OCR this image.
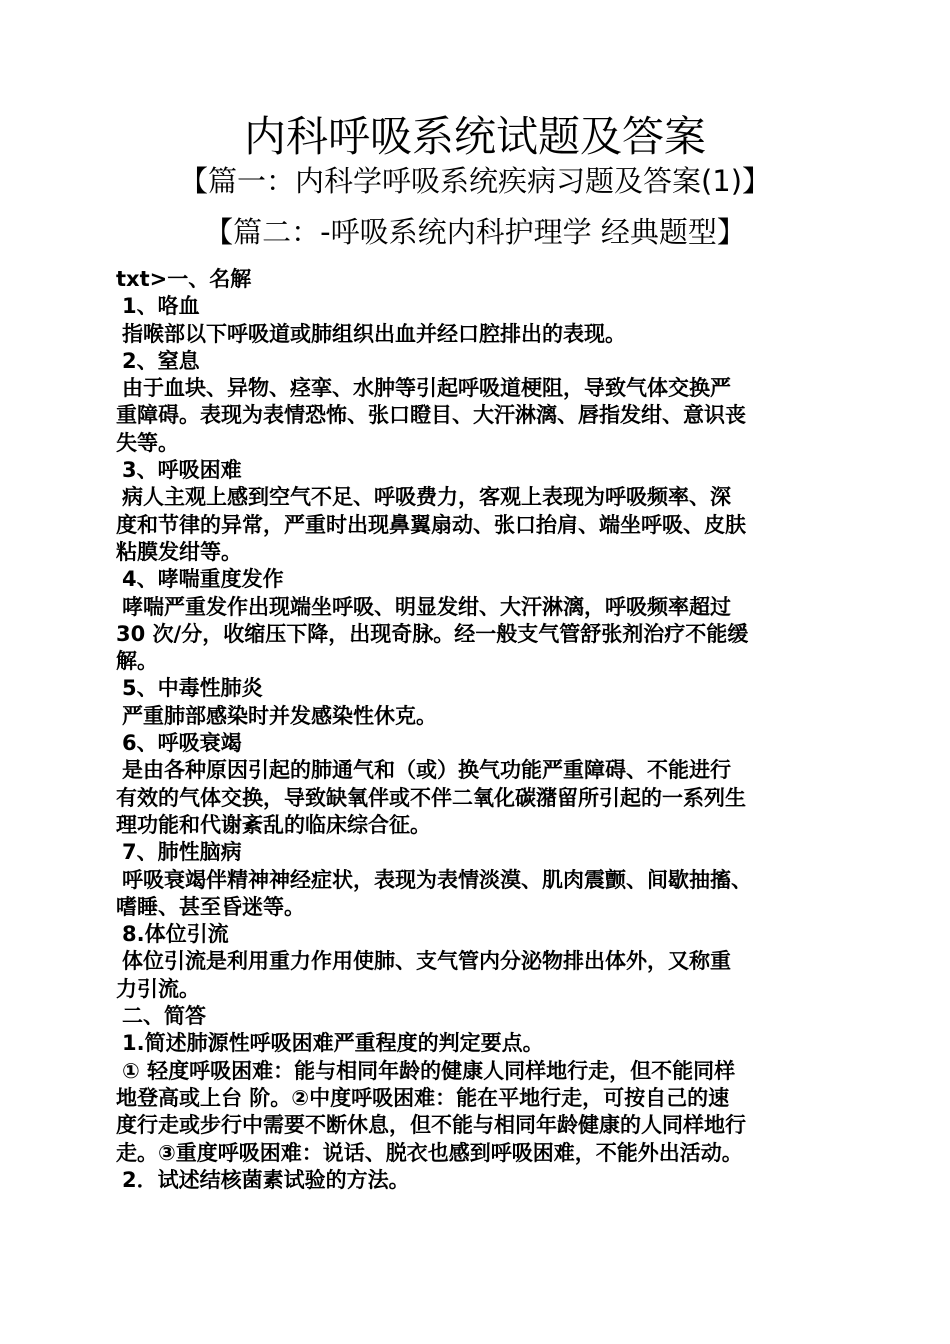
内科呼吸系统试题及答案
【篇一：内科学呼吸系统疾病习题及答案(1)】
【篇二：-呼吸系统内科护理学 经典题型】

txt>一、名解

1、咯血

指喉部以下呼吸道或肺组织出血并经口腔排出的表现。

2、窒息

由于血块、异物、痉挛、水肿等引起呼吸道梗阻，导致气体交换严

重障碍。表现为表情恐怖、张口瞪目、大汗淋漓、唇指发绀、意识丧

失等。

3、呼吸困难

病人主观上感到空气不足、呼吸费力，客观上表现为呼吸频率、深

度和节律的异常，严重时出现鼻翼扇动、张口抬肩、端坐呼吸、皮肤

粘膜发绀等。

4、哮喘重度发作

哮喘严重发作出现端坐呼吸、明显发绀、大汗淋漓，呼吸频率超过

30 次/分，收缩压下降，出现奇脉。经一般支气管舒张剂治疗不能缓

解。

5、中毒性肺炎

严重肺部感染时并发感染性休克。

6、呼吸衰竭

是由各种原因引起的肺通气和（或）换气功能严重障碍、不能进行

有效的气体交换，导致缺氧伴或不伴二氧化碳潴留所引起的一系列生

理功能和代谢紊乱的临床综合征。

7、肺性脑病

呼吸衰竭伴精神神经症状，表现为表情淡漠、肌肉震颤、间歇抽搐、

嗜睡、甚至昏迷等。

8.体位引流

体位引流是利用重力作用使肺、支气管内分泌物排出体外，又称重

力引流。

二、简答

1.简述肺源性呼吸困难严重程度的判定要点。

① 轻度呼吸困难：能与相同年龄的健康人同样地行走，但不能同样

地登高或上台 阶。②中度呼吸困难：能在平地行走，可按自己的速

度行走或步行中需要不断休息，但不能与相同年龄健康的人同样地行

走。③重度呼吸困难：说话、脱衣也感到呼吸困难，不能外出活动。

2．试述结核菌素试验的方法。
